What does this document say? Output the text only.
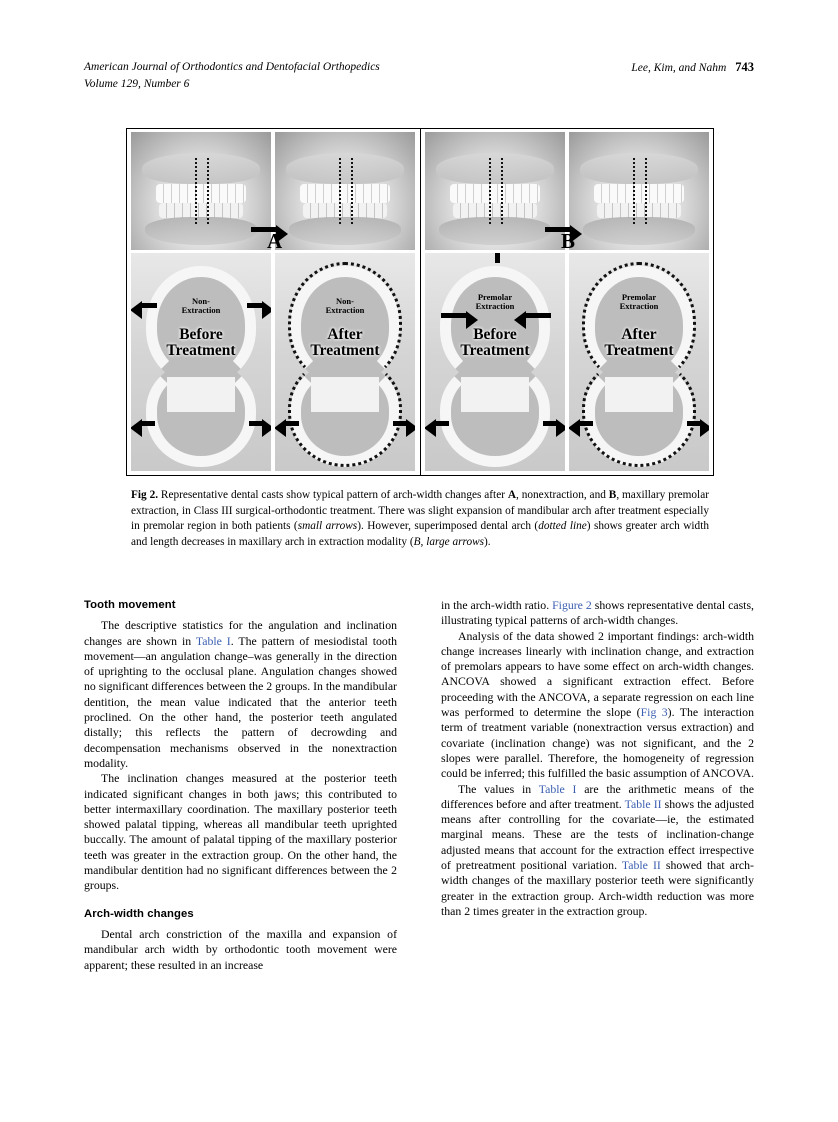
Lee, Kim, and Nahm 743
American Journal of Orthodontics and Dentofacial Orthopedics
Volume 129, Number 6
A
Non-
Extraction
Before
Treatment
Non-
Extraction
After
Treatment
B
Premolar
Extraction
Before
Treatment
Premolar
Extraction
After
Treatment
Fig 2. Representative dental casts show typical pattern of arch-width changes after A, nonextraction, and B, maxillary premolar extraction, in Class III surgical-orthodontic treatment. There was slight expansion of mandibular arch after treatment especially in premolar region in both patients (small arrows). However, superimposed dental arch (dotted line) shows greater arch width and length decreases in maxillary arch in extraction modality (B, large arrows).
Tooth movement

The descriptive statistics for the angulation and inclination changes are shown in Table I. The pattern of mesiodistal tooth movement—an angulation change–was generally in the direction of uprighting to the occlusal plane. Angulation changes showed no significant differences between the 2 groups. In the mandibular dentition, the mean value indicated that the anterior teeth proclined. On the other hand, the posterior teeth angulated distally; this reflects the pattern of decrowding and decompensation mechanisms observed in the nonextraction modality.

The inclination changes measured at the posterior teeth indicated significant changes in both jaws; this contributed to better intermaxillary coordination. The maxillary posterior teeth showed palatal tipping, whereas all mandibular teeth uprighted buccally. The amount of palatal tipping of the maxillary posterior teeth was greater in the extraction group. On the other hand, the mandibular dentition had no significant differences between the 2 groups.

Arch-width changes

Dental arch constriction of the maxilla and expansion of mandibular arch width by orthodontic tooth movement were apparent; these resulted in an increase

in the arch-width ratio. Figure 2 shows representative dental casts, illustrating typical patterns of arch-width changes.

Analysis of the data showed 2 important findings: arch-width change increases linearly with inclination change, and extraction of premolars appears to have some effect on arch-width changes. ANCOVA showed a significant extraction effect. Before proceeding with the ANCOVA, a separate regression on each line was performed to determine the slope (Fig 3). The interaction term of treatment variable (nonextraction versus extraction) and covariate (inclination change) was not significant, and the 2 slopes were parallel. Therefore, the homogeneity of regression could be inferred; this fulfilled the basic assumption of ANCOVA.

The values in Table I are the arithmetic means of the differences before and after treatment. Table II shows the adjusted means after controlling for the covariate—ie, the estimated marginal means. These are the tests of inclination-change adjusted means that account for the extraction effect irrespective of pretreatment positional variation. Table II showed that arch-width changes of the maxillary posterior teeth were significantly greater in the extraction group. Arch-width reduction was more than 2 times greater in the extraction group.
